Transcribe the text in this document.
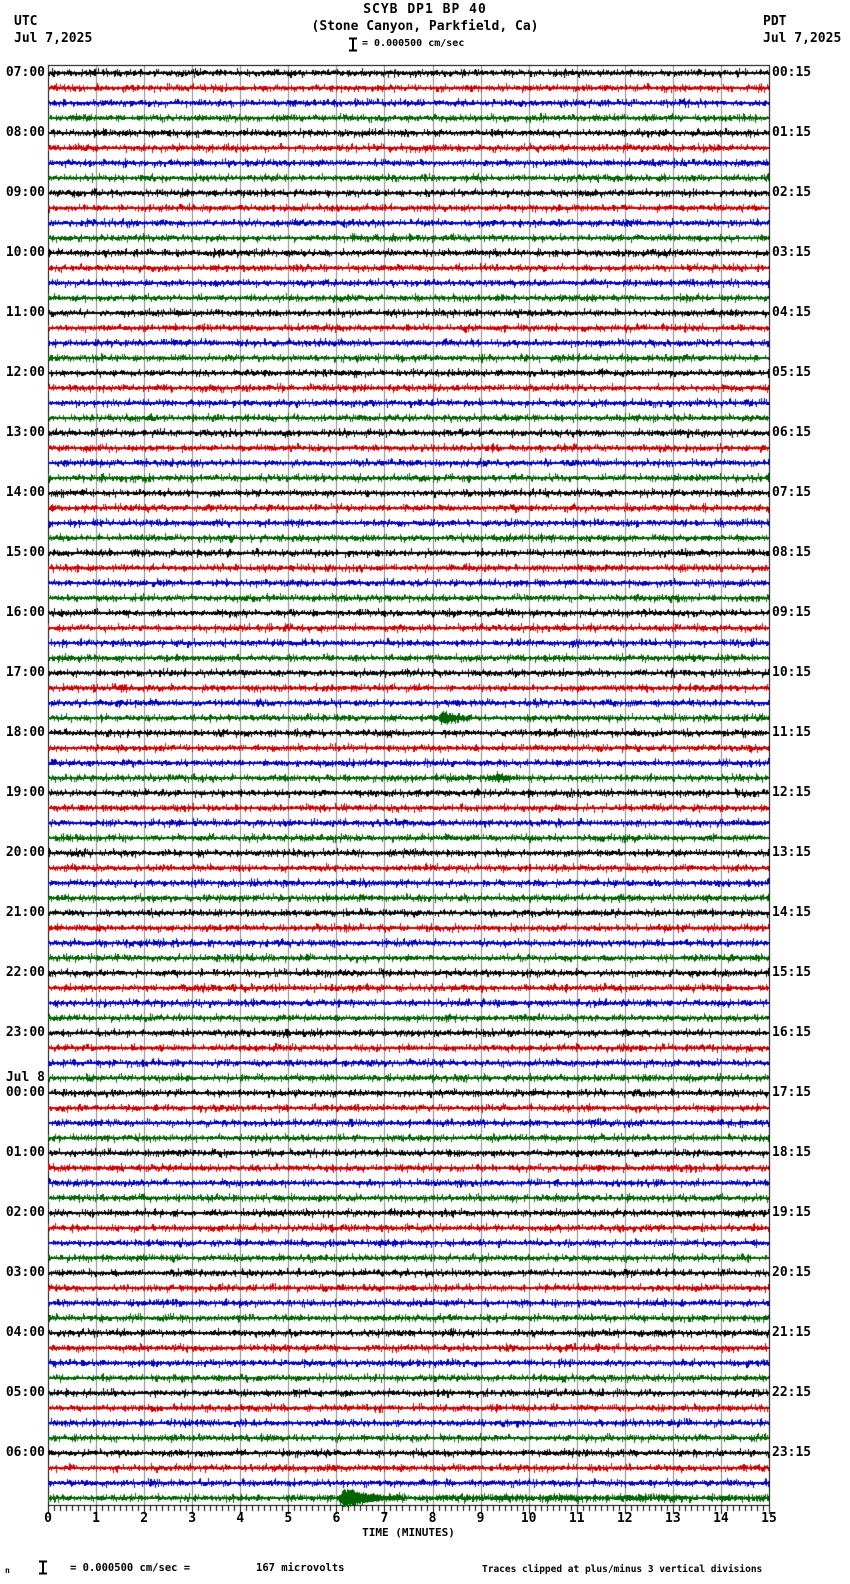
UTC
Jul 7,2025
PDT
Jul 7,2025
SCYB DP1 BP 40
(Stone Canyon, Parkfield, Ca)
= 0.000500 cm/sec
07:00
08:00
09:00
10:00
11:00
12:00
13:00
14:00
15:00
16:00
17:00
18:00
19:00
20:00
21:00
22:00
23:00
00:00
01:00
02:00
03:00
04:00
05:00
06:00
Jul 8
00:15
01:15
02:15
03:15
04:15
05:15
06:15
07:15
08:15
09:15
10:15
11:15
12:15
13:15
14:15
15:15
16:15
17:15
18:15
19:15
20:15
21:15
22:15
23:15
0	1	2	3	4	5	6	7	8	9	10	11	12	13	14	15
TIME (MINUTES)
n	= 0.000500 cm/sec =	167 microvolts	Traces clipped at plus/minus 3 vertical divisions
